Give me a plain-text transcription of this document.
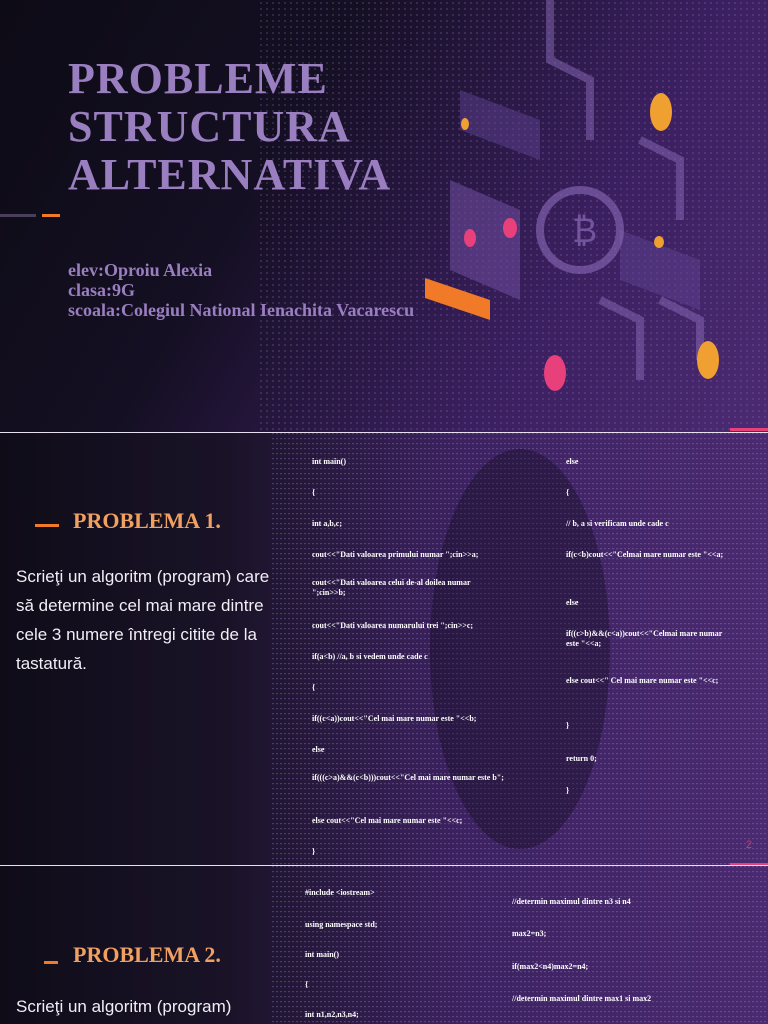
₿
PROBLEME
STRUCTURA
ALTERNATIVA
elev:Oproiu Alexia
clasa:9G
scoala:Colegiul National Ienachita Vacarescu
PROBLEMA 1.
Scrieţi un algoritm (program) care să determine cel mai mare dintre cele 3 numere întregi citite de la tastatură.
int main()
{
int a,b,c;
cout<<"Dati valoarea primului numar ";cin>>a;
cout<<"Dati valoarea celui de-al doilea numar ";cin>>b;
cout<<"Dati valoarea numarului trei ";cin>>c;
if(a<b) //a, b si vedem unde cade c
{
if((c<a))cout<<"Cel mai mare numar este "<<b;
else
if(((c>a)&&(c<b)))cout<<"Cel mai mare numar este b";
else cout<<"Cel mai mare numar este "<<c;
}
else
{
// b, a si verificam unde cade c
if(c<b)cout<<"Celmai mare numar este "<<a;
else
if((c>b)&&(c<a))cout<<"Celmai mare numar este "<<a;
else cout<<" Cel mai mare numar este "<<c;
}
return 0;
}
2
PROBLEMA 2.
Scrieţi un algoritm (program)
#include <iostream>
using namespace std;
int main()
{
int n1,n2,n3,n4;
//determin maximul dintre n3 si n4
max2=n3;
if(max2<n4)max2=n4;
//determin maximul dintre max1 si max2
